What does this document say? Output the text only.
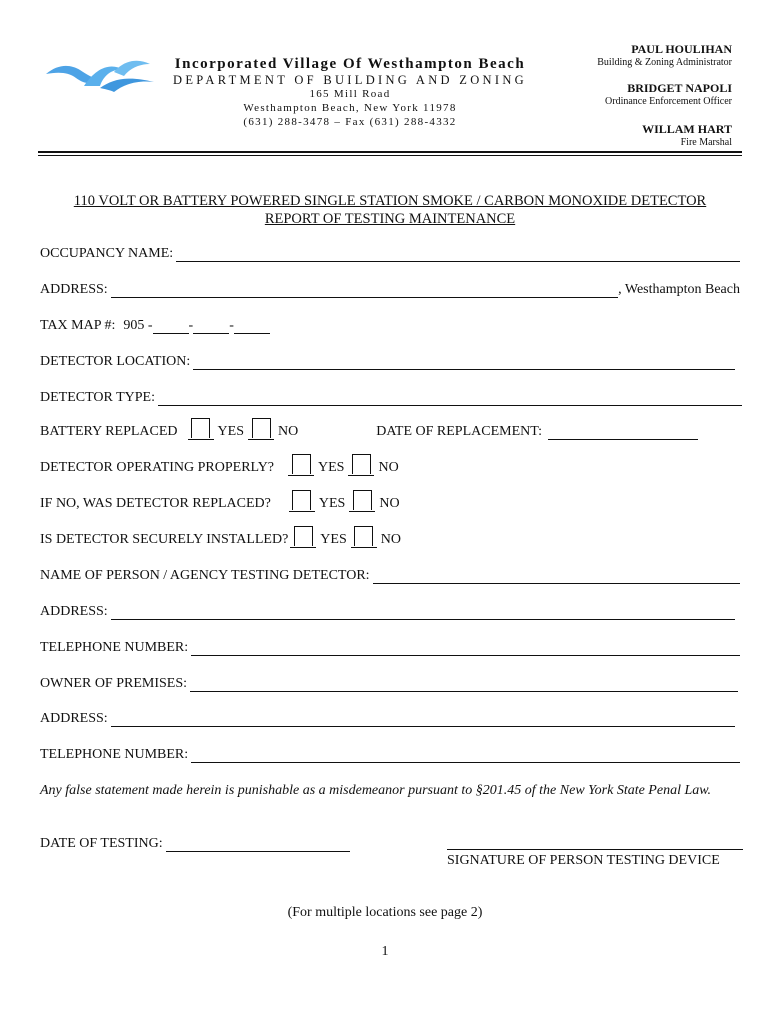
Incorporated Village Of Westhampton Beach
DEPARTMENT OF BUILDING AND ZONING
165 Mill Road
Westhampton Beach, New York 11978
(631) 288-3478 – Fax (631) 288-4332
PAUL HOULIHAN
Building & Zoning Administrator
BRIDGET NAPOLI
Ordinance Enforcement Officer
WILLAM HART
Fire Marshal
110 VOLT OR BATTERY POWERED SINGLE STATION SMOKE / CARBON MONOXIDE DETECTOR
REPORT OF TESTING MAINTENANCE
OCCUPANCY NAME:
ADDRESS:	, Westhampton Beach
TAX MAP #: 905 -	-	-
DETECTOR LOCATION:
DETECTOR TYPE:
BATTERY REPLACED	YES NO	DATE OF REPLACEMENT:
DETECTOR OPERATING PROPERLY?	YES NO
IF NO, WAS DETECTOR REPLACED?	YES NO
IS DETECTOR SECURELY INSTALLED? YES NO
NAME OF PERSON / AGENCY TESTING DETECTOR:
ADDRESS:
TELEPHONE NUMBER:
OWNER OF PREMISES:
ADDRESS:
TELEPHONE NUMBER:
Any false statement made herein is punishable as a misdemeanor pursuant to §201.45 of the New York State Penal Law.
DATE OF TESTING:
SIGNATURE OF PERSON TESTING DEVICE
(For multiple locations see page 2)
1
